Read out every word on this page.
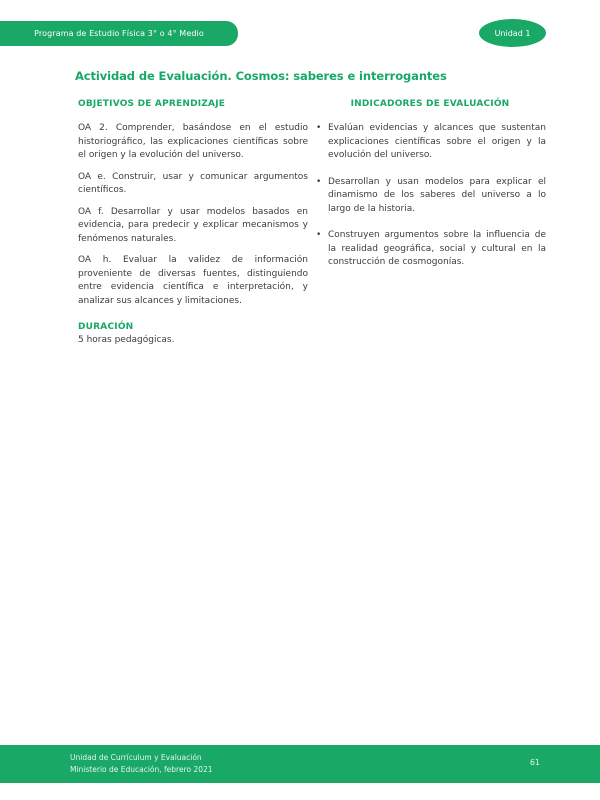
Programa de Estudio Física 3° o 4° Medio	Unidad 1
Actividad de Evaluación. Cosmos: saberes e interrogantes
OBJETIVOS DE APRENDIZAJE

OA 2. Comprender, basándose en el estudio historiográfico, las explicaciones científicas sobre el origen y la evolución del universo.

OA e. Construir, usar y comunicar argumentos científicos.

OA f. Desarrollar y usar modelos basados en evidencia, para predecir y explicar mecanismos y fenómenos naturales.

OA h. Evaluar la validez de información proveniente de diversas fuentes, distinguiendo entre evidencia científica e interpretación, y analizar sus alcances y limitaciones.

DURACIÓN

5 horas pedagógicas.

INDICADORES DE EVALUACIÓN
• Evalúan evidencias y alcances que sustentan explicaciones científicas sobre el origen y la evolución del universo.
• Desarrollan y usan modelos para explicar el dinamismo de los saberes del universo a lo largo de la historia.
• Construyen argumentos sobre la influencia de la realidad geográfica, social y cultural en la construcción de cosmogonías.
Unidad de Currículum y Evaluación
Ministerio de Educación, febrero 2021
61
